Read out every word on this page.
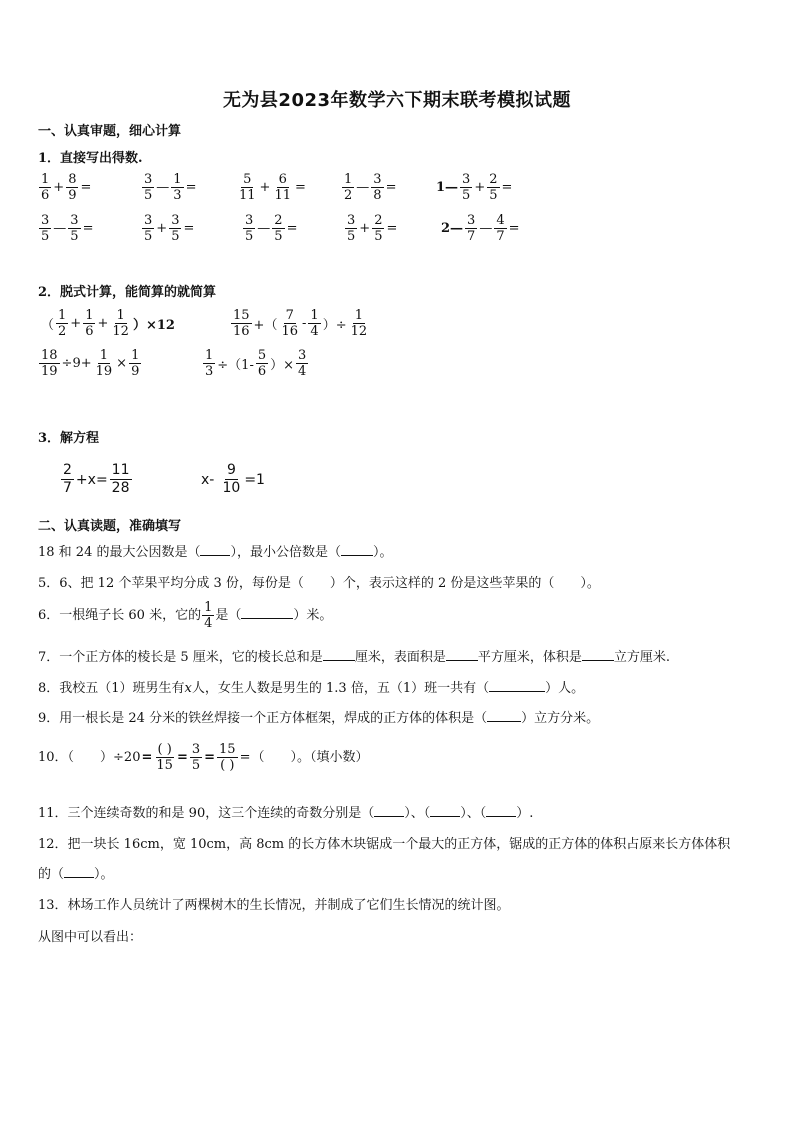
无为县2023年数学六下期末联考模拟试题
一、认真审题，细心计算
1．直接写出得数.
$\frac{1}{6} + \frac{8}{9}$ =	$\frac{3}{5}$ — $\frac{1}{3}$ =	$\frac{5}{11} + \frac{6}{11}$ =	$\frac{1}{2}$ — $\frac{3}{8}$ =	1— $\frac{3}{5} + \frac{2}{5}$ =
$\frac{3}{5}$ — $\frac{3}{5}$ =	$\frac{3}{5} + \frac{3}{5}$ =	$\frac{3}{5}$ — $\frac{2}{5}$ =	$\frac{3}{5} + \frac{2}{5}$ =	2— $\frac{3}{7}$ — $\frac{4}{7}$ =
2．脱式计算，能简算的就简算
（ $\frac{1}{2} + \frac{1}{6} + \frac{1}{12} )\times 12$	$\frac{15}{16}$ +（ $\frac{7}{16} - \frac{1}{4}$ ）÷ $\frac{1}{12}$
$\frac{18}{19} \div 9+ \frac{1}{19} \times \frac{1}{9}$	$\frac{1}{3} \div(1- \frac{5}{6}$ ）× $\frac{3}{4}$
3．解方程
$\frac{2}{7} +x= \frac{11}{28}$	$x- \frac{9}{10} =1$
二、认真读题，准确填写
18 和 24 的最大公因数是（ ），最小公倍数是（ ）。
5．6、把 12 个苹果平均分成 3 份，每份是（　　）个，表示这样的 2 份是这些苹果的（　　）。
6．一根绳子长 60 米，它的 $\frac{1}{4}$ 是（	）米。
7．一个正方体的棱长是 5 厘米，它的棱长总和是 厘米，表面积是 平方厘米，体积是 立方厘米.
8．我校五（1）班男生有x人，女生人数是男生的 1.3 倍，五（1）班一共有（	）人。
9．用一根长是 24 分米的铁丝焊接一个正方体框架，焊成的正方体的体积是（	）立方分米。
10．（　　）÷20=
( )
15
= $\frac{3}{5}$ =
15
( )
=（　　）。（填小数）
11．三个连续奇数的和是 90，这三个连续的奇数分别是（ ）、（ ）、（ ）.
12．把一块长 16cm，宽 10cm，高 8cm 的长方体木块锯成一个最大的正方体，锯成的正方体的体积占原来长方体体积
的（ ）。
13．林场工作人员统计了两棵树木的生长情况，并制成了它们生长情况的统计图。
从图中可以看出：
